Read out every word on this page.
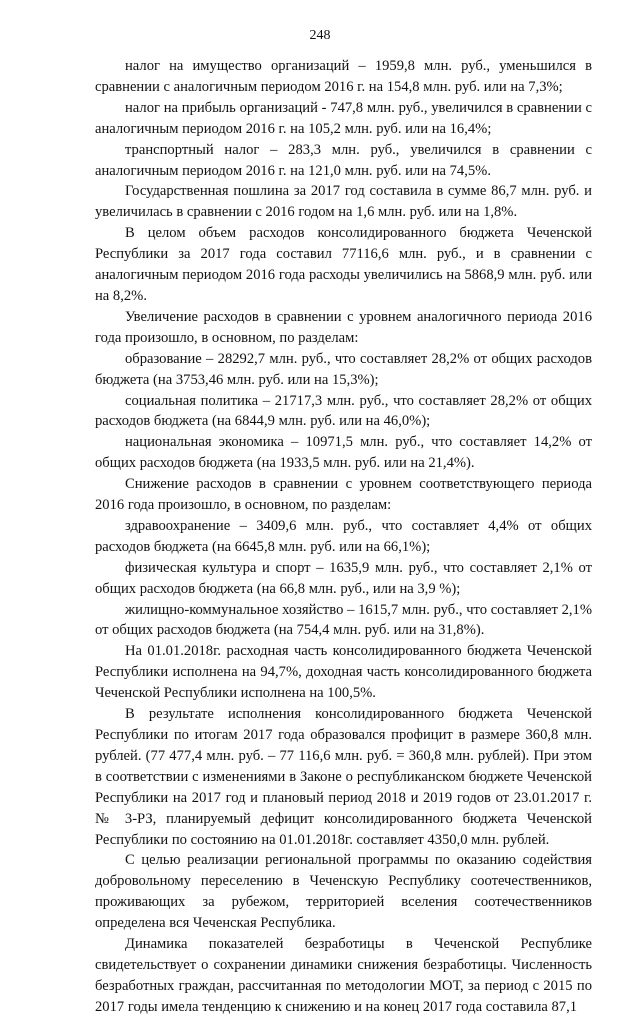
248

налог на имущество организаций – 1959,8 млн. руб., уменьшился в сравнении с аналогичным периодом 2016 г. на 154,8 млн. руб. или на 7,3%;

налог на прибыль организаций - 747,8 млн. руб., увеличился в сравнении с аналогичным периодом 2016 г. на 105,2 млн. руб. или на 16,4%;

транспортный налог – 283,3 млн. руб., увеличился в сравнении с аналогичным периодом 2016 г. на 121,0 млн. руб. или на 74,5%.

Государственная пошлина за 2017 год составила в сумме 86,7 млн. руб. и увеличилась в сравнении с 2016 годом на 1,6 млн. руб. или на 1,8%.

В целом объем расходов консолидированного бюджета Чеченской Республики за 2017 года составил 77116,6 млн. руб., и в сравнении с аналогичным периодом 2016 года расходы увеличились на 5868,9 млн. руб. или на 8,2%.

Увеличение расходов в сравнении с уровнем аналогичного периода 2016 года произошло, в основном, по разделам:

образование – 28292,7 млн. руб., что составляет 28,2% от общих расходов бюджета (на 3753,46 млн. руб. или на 15,3%);

социальная политика – 21717,3 млн. руб., что составляет 28,2% от общих расходов бюджета (на 6844,9 млн. руб. или на 46,0%);

национальная экономика – 10971,5 млн. руб., что составляет 14,2% от общих расходов бюджета (на 1933,5 млн. руб. или на 21,4%).

Снижение расходов в сравнении с уровнем соответствующего периода 2016 года произошло, в основном, по разделам:

здравоохранение – 3409,6 млн. руб., что составляет 4,4% от общих расходов бюджета (на 6645,8 млн. руб. или на 66,1%);

физическая культура и спорт – 1635,9 млн. руб., что составляет 2,1% от общих расходов бюджета (на 66,8 млн. руб., или на 3,9 %);

жилищно-коммунальное хозяйство – 1615,7 млн. руб., что составляет 2,1% от общих расходов бюджета (на 754,4 млн. руб. или на 31,8%).

На 01.01.2018г. расходная часть консолидированного бюджета Чеченской Республики исполнена на 94,7%, доходная часть консолидированного бюджета Чеченской Республики исполнена на 100,5%.

В результате исполнения консолидированного бюджета Чеченской Республики по итогам 2017 года образовался профицит в размере 360,8 млн. рублей. (77 477,4 млн. руб. – 77 116,6 млн. руб. = 360,8 млн. рублей). При этом в соответствии с изменениями в Законе о республиканском бюджете Чеченской Республики на 2017 год и плановый период 2018 и 2019 годов от 23.01.2017 г. № 3-РЗ, планируемый дефицит консолидированного бюджета Чеченской Республики по состоянию на 01.01.2018г. составляет 4350,0 млн. рублей.

С целью реализации региональной программы по оказанию содействия добровольному переселению в Чеченскую Республику соотечественников, проживающих за рубежом, территорией вселения соотечественников определена вся Чеченская Республика.

Динамика показателей безработицы в Чеченской Республике свидетельствует о сохранении динамики снижения безработицы. Численность безработных граждан, рассчитанная по методологии МОТ, за период с 2015 по 2017 годы имела тенденцию к снижению и на конец 2017 года составила 87,1
